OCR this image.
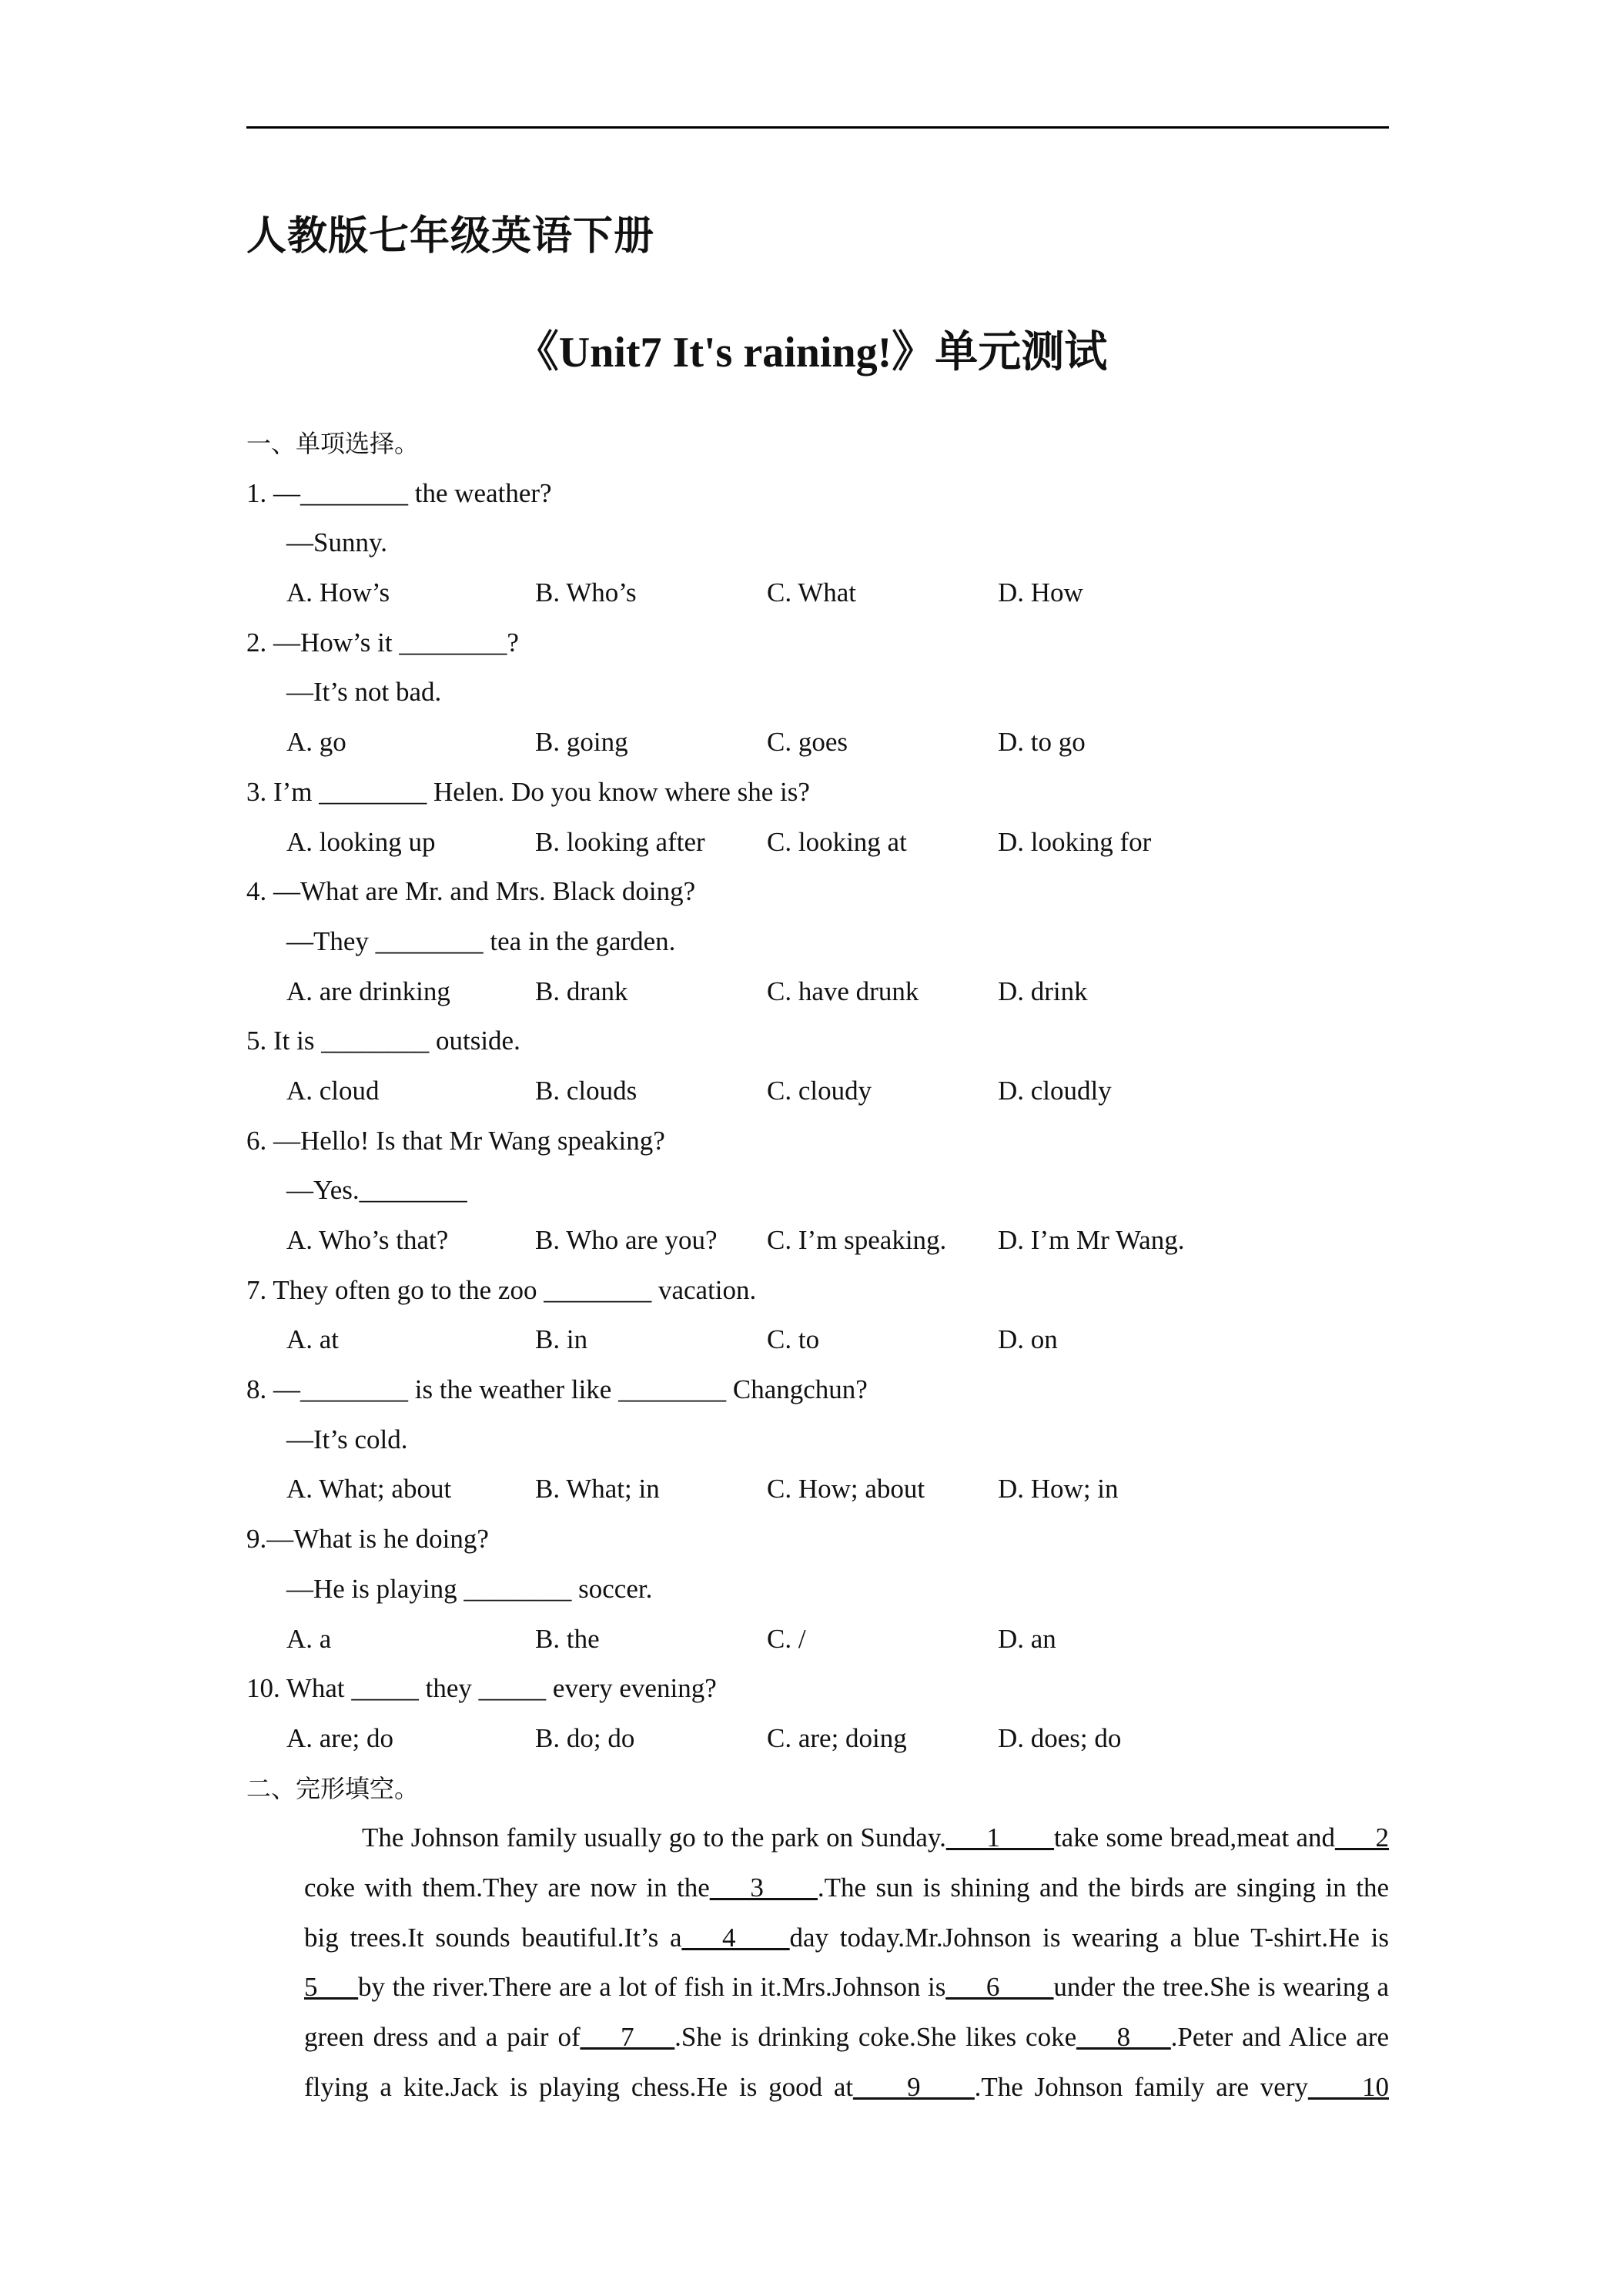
人教版七年级英语下册
《Unit7 It's raining!》单元测试
一、单项选择。
1. —________ the weather?
—Sunny.
A. How’s	B. Who’s	C. What	D. How
2. —How’s it ________?
—It’s not bad.
A. go	B. going	C. goes	D. to go
3. I’m ________ Helen. Do you know where she is?
A. looking up	B. looking after C. looking at	D. looking for
4. —What are Mr. and Mrs. Black doing?
—They ________ tea in the garden.
A. are drinking	B. drank	C. have drunk	D. drink
5. It is ________ outside.
A. cloud	B. clouds	C. cloudy	D. cloudly
6. —Hello! Is that Mr Wang speaking?
—Yes.________
A. Who’s that?	B. Who are you? C. I’m speaking. D. I’m Mr Wang.
7. They often go to the zoo ________ vacation.
A. at	B. in	C. to	D. on
8. —________ is the weather like ________ Changchun?
—It’s cold.
A. What; about	B. What; in	C. How; about	D. How; in
9.—What is he doing?
—He is playing ________ soccer.
A. a	B. the	C. /	D. an
10. What _____ they _____ every evening?
A. are; do	B. do; do	C. are; doing	D. does; do
二、完形填空。
The Johnson family usually go to the park on Sunday.___1____take some bread,meat and___2
coke with them.They are now in the___3____.The sun is shining and the birds are singing in the
big trees.It sounds beautiful.It’s a___4____day today.Mr.Johnson is wearing a blue T-shirt.He is
5___by the river.There are a lot of fish in it.Mrs.Johnson is___6____under the tree.She is wearing a
green dress and a pair of___7___.She is drinking coke.She likes coke___8___.Peter and Alice are
flying a kite.Jack is playing chess.He is good at____9____.The Johnson family are very____10
